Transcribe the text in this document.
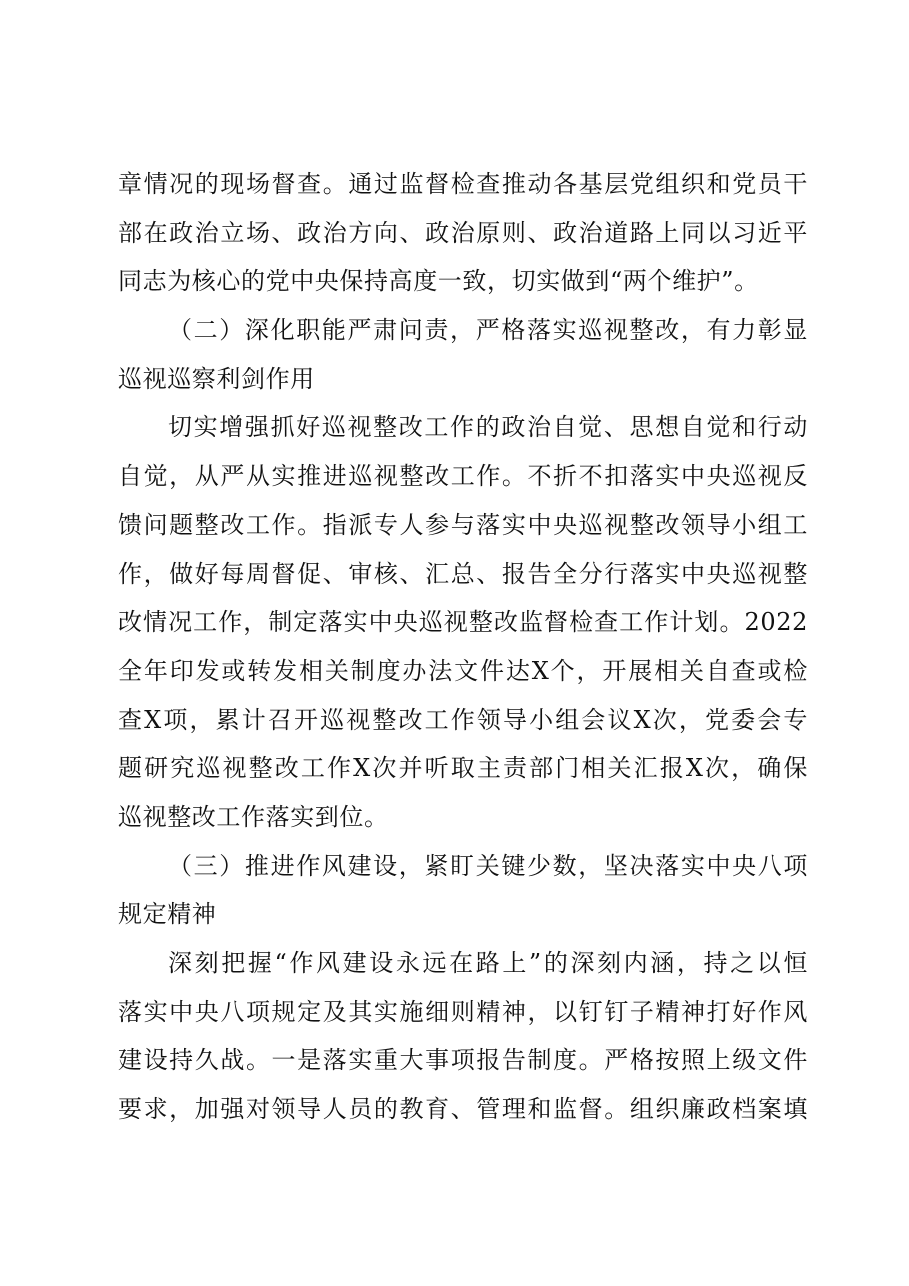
章情况的现场督查。通过监督检查推动各基层党组织和党员干
部在政治立场、政治方向、政治原则、政治道路上同以习近平
同志为核心的党中央保持高度一致，切实做到“两个维护”。
（二）深化职能严肃问责，严格落实巡视整改，有力彰显
巡视巡察利剑作用
切实增强抓好巡视整改工作的政治自觉、思想自觉和行动
自觉，从严从实推进巡视整改工作。不折不扣落实中央巡视反
馈问题整改工作。指派专人参与落实中央巡视整改领导小组工
作，做好每周督促、审核、汇总、报告全分行落实中央巡视整
改情况工作，制定落实中央巡视整改监督检查工作计划。2022
全年印发或转发相关制度办法文件达X个，开展相关自查或检
查X项，累计召开巡视整改工作领导小组会议X次，党委会专
题研究巡视整改工作X次并听取主责部门相关汇报X次，确保
巡视整改工作落实到位。
（三）推进作风建设，紧盯关键少数，坚决落实中央八项
规定精神
深刻把握“作风建设永远在路上”的深刻内涵，持之以恒
落实中央八项规定及其实施细则精神，以钉钉子精神打好作风
建设持久战。一是落实重大事项报告制度。严格按照上级文件
要求，加强对领导人员的教育、管理和监督。组织廉政档案填
